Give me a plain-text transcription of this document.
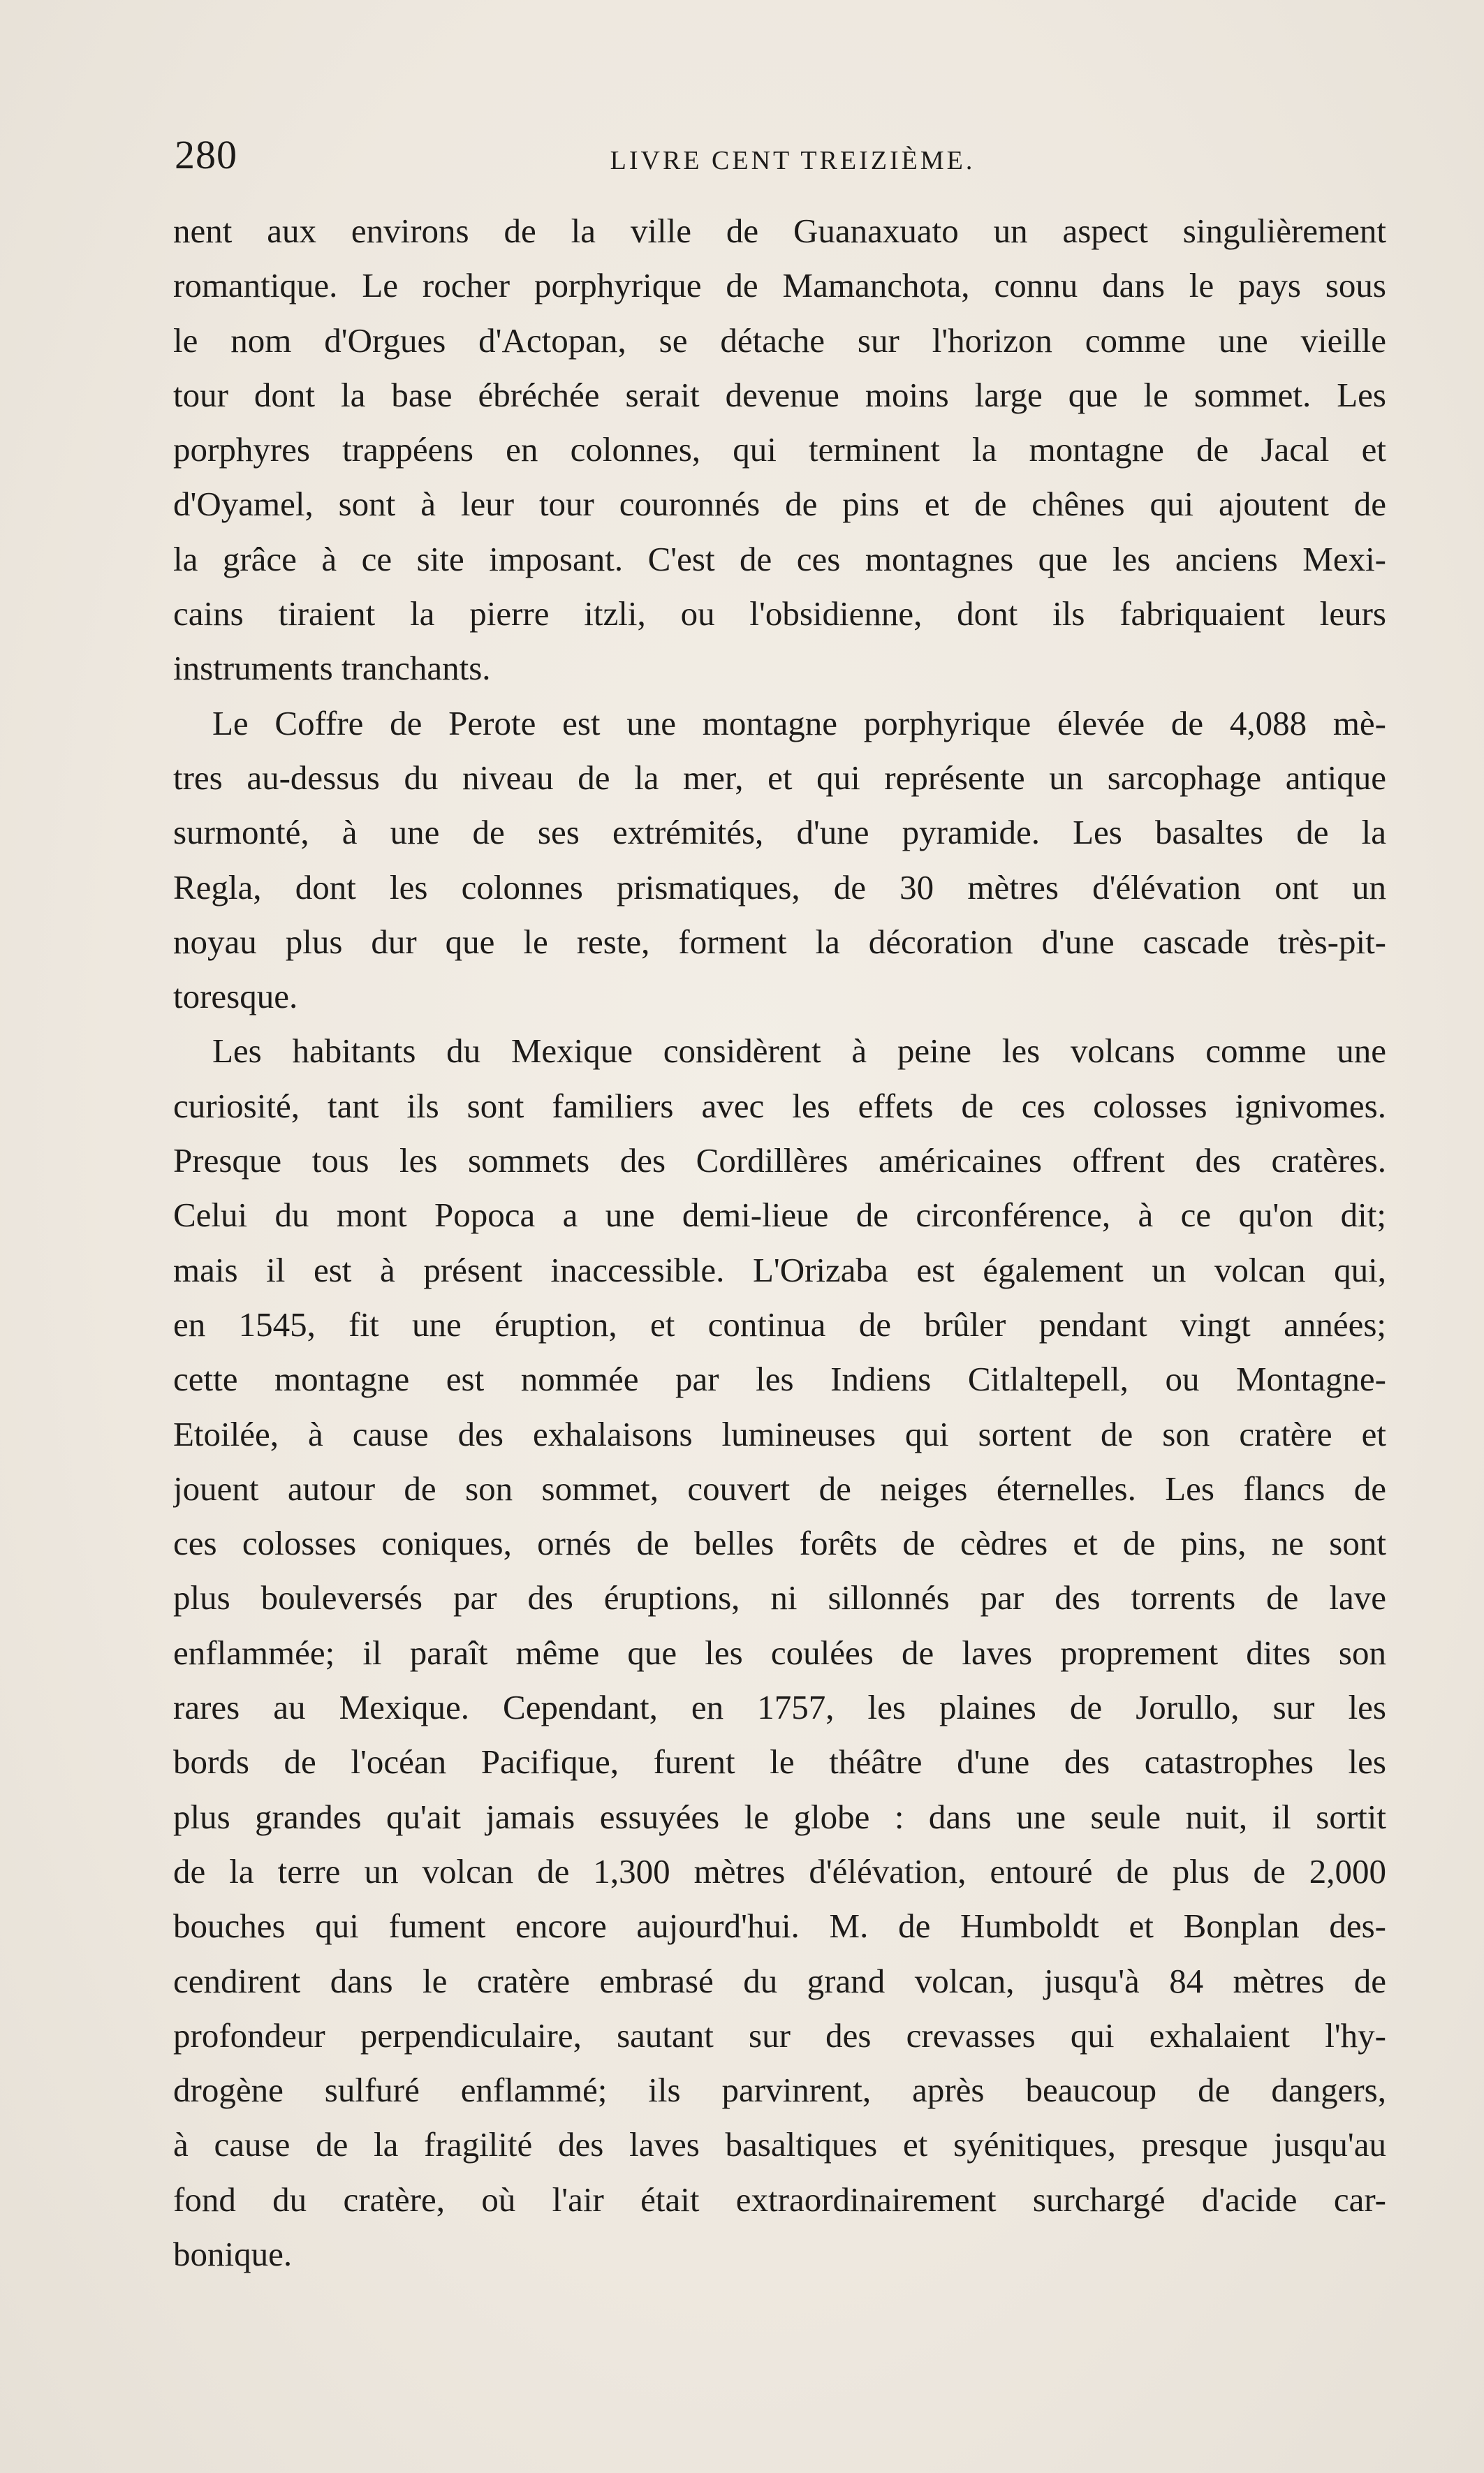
280	LIVRE CENT TREIZIÈME.
nent aux environs de la ville de Guanaxuato un aspect singulièrement
romantique. Le rocher porphyrique de Mamanchota, connu dans le pays sous
le nom d'Orgues d'Actopan, se détache sur l'horizon comme une vieille
tour dont la base ébréchée serait devenue moins large que le sommet. Les
porphyres trappéens en colonnes, qui terminent la montagne de Jacal et
d'Oyamel, sont à leur tour couronnés de pins et de chênes qui ajoutent de
la grâce à ce site imposant. C'est de ces montagnes que les anciens Mexi-
cains tiraient la pierre itzli, ou l'obsidienne, dont ils fabriquaient leurs
instruments tranchants.
Le Coffre de Perote est une montagne porphyrique élevée de 4,088 mè-
tres au-dessus du niveau de la mer, et qui représente un sarcophage antique
surmonté, à une de ses extrémités, d'une pyramide. Les basaltes de la
Regla, dont les colonnes prismatiques, de 30 mètres d'élévation ont un
noyau plus dur que le reste, forment la décoration d'une cascade très-pit-
toresque.
Les habitants du Mexique considèrent à peine les volcans comme une
curiosité, tant ils sont familiers avec les effets de ces colosses ignivomes.
Presque tous les sommets des Cordillères américaines offrent des cratères.
Celui du mont Popoca a une demi-lieue de circonférence, à ce qu'on dit;
mais il est à présent inaccessible. L'Orizaba est également un volcan qui,
en 1545, fit une éruption, et continua de brûler pendant vingt années;
cette montagne est nommée par les Indiens Citlaltepell, ou Montagne-
Etoilée, à cause des exhalaisons lumineuses qui sortent de son cratère et
jouent autour de son sommet, couvert de neiges éternelles. Les flancs de
ces colosses coniques, ornés de belles forêts de cèdres et de pins, ne sont
plus bouleversés par des éruptions, ni sillonnés par des torrents de lave
enflammée; il paraît même que les coulées de laves proprement dites son
rares au Mexique. Cependant, en 1757, les plaines de Jorullo, sur les
bords de l'océan Pacifique, furent le théâtre d'une des catastrophes les
plus grandes qu'ait jamais essuyées le globe : dans une seule nuit, il sortit
de la terre un volcan de 1,300 mètres d'élévation, entouré de plus de 2,000
bouches qui fument encore aujourd'hui. M. de Humboldt et Bonplan des-
cendirent dans le cratère embrasé du grand volcan, jusqu'à 84 mètres de
profondeur perpendiculaire, sautant sur des crevasses qui exhalaient l'hy-
drogène sulfuré enflammé; ils parvinrent, après beaucoup de dangers,
à cause de la fragilité des laves basaltiques et syénitiques, presque jusqu'au
fond du cratère, où l'air était extraordinairement surchargé d'acide car-
bonique.
